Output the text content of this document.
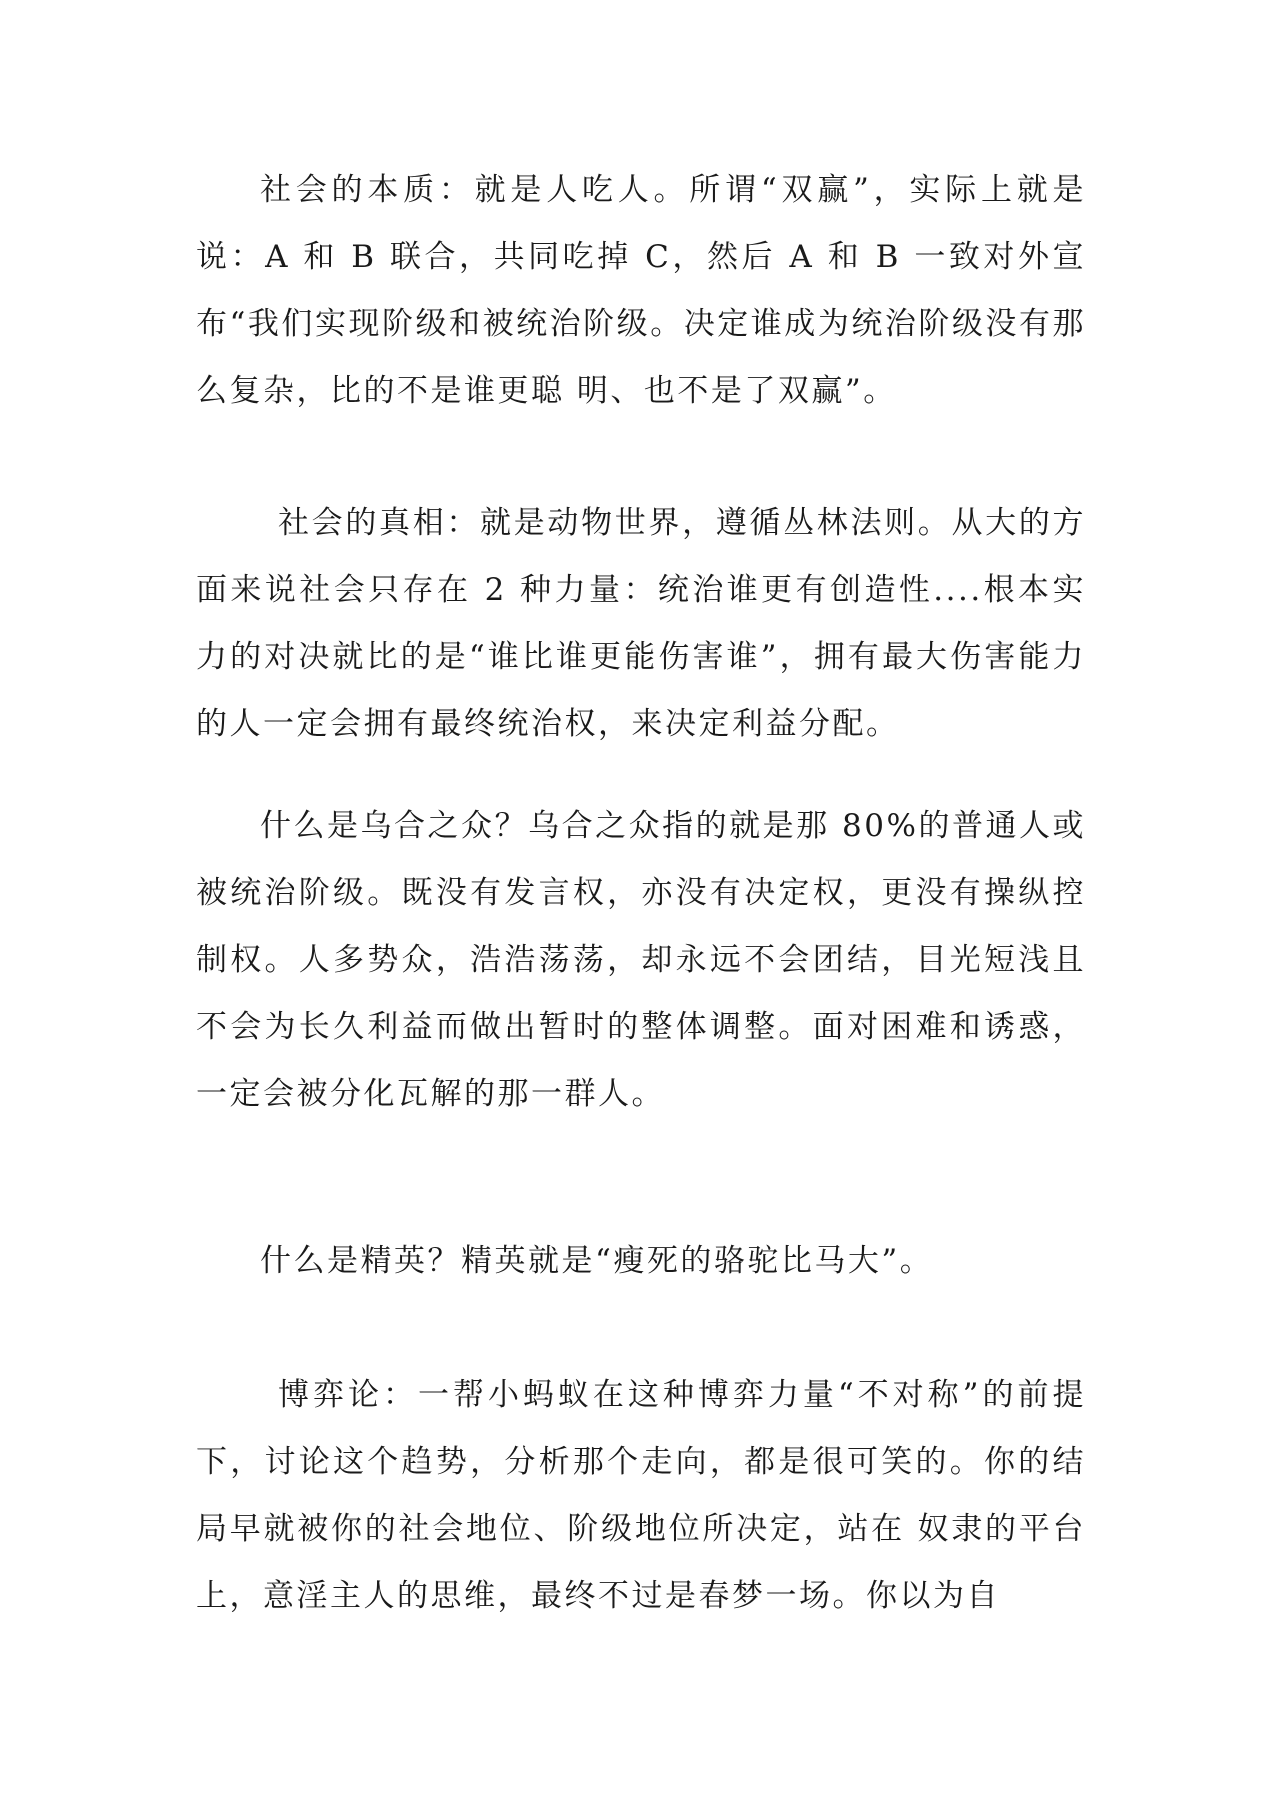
社会的本质：就是人吃人。所谓“双赢”，实际上就是说：A 和 B 联合，共同吃掉 C，然后 A 和 B 一致对外宣布“我们实现阶级和被统治阶级。决定谁成为统治阶级没有那么复杂，比的不是谁更聪 明、也不是了双赢”。

社会的真相：就是动物世界，遵循丛林法则。从大的方面来说社会只存在 2 种力量：统治谁更有创造性....根本实力的对决就比的是“谁比谁更能伤害谁”，拥有最大伤害能力的人一定会拥有最终统治权，来决定利益分配。

什么是乌合之众？乌合之众指的就是那 80%的普通人或被统治阶级。既没有发言权，亦没有决定权，更没有操纵控制权。人多势众，浩浩荡荡，却永远不会团结，目光短浅且不会为长久利益而做出暂时的整体调整。面对困难和诱惑，一定会被分化瓦解的那一群人。

什么是精英？精英就是“瘦死的骆驼比马大”。

博弈论：一帮小蚂蚁在这种博弈力量“不对称”的前提下，讨论这个趋势，分析那个走向，都是很可笑的。你的结局早就被你的社会地位、阶级地位所决定，站在 奴隶的平台上，意淫主人的思维，最终不过是春梦一场。你以为自
